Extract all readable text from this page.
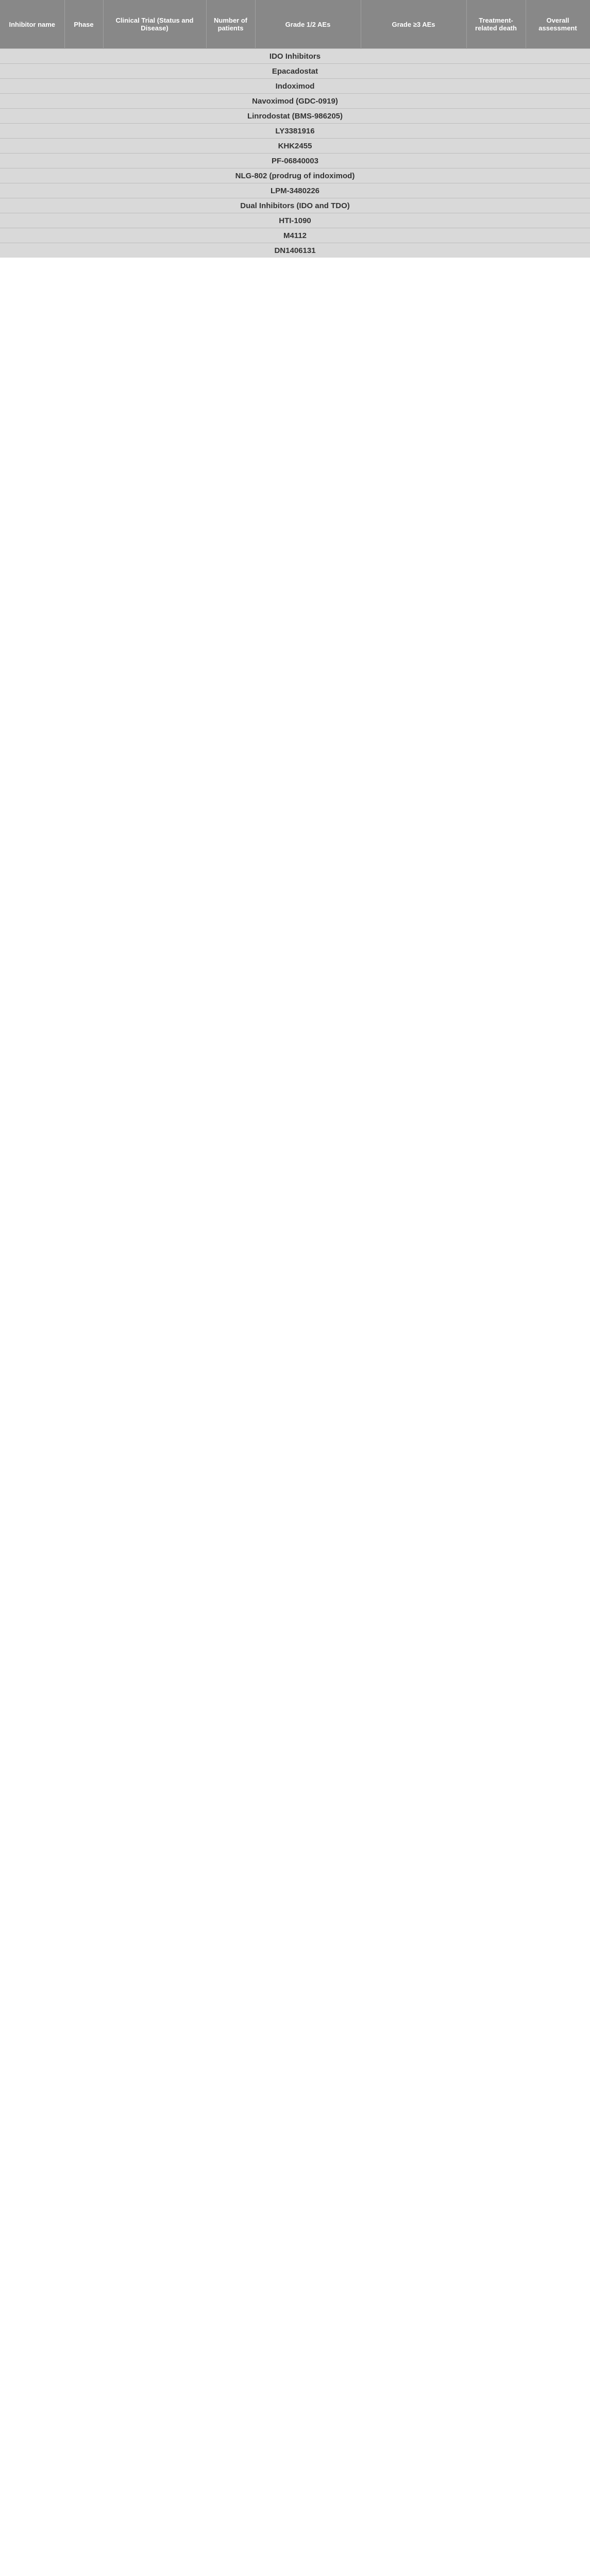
Inhibitor name	Phase	Clinical Trial (Status and Disease)	Number of patients	Grade 1/2 AEs	Grade ≥3 AEs	Treatment-related death	Overall assessment
IDO Inhibitors
Epacadostat
Indoximod
Navoximod (GDC-0919)
Linrodostat (BMS-986205)
LY3381916
KHK2455
PF-06840003
NLG-802 (prodrug of indoximod)
LPM-3480226
Dual Inhibitors (IDO and TDO)
HTI-1090
M4112
DN1406131
